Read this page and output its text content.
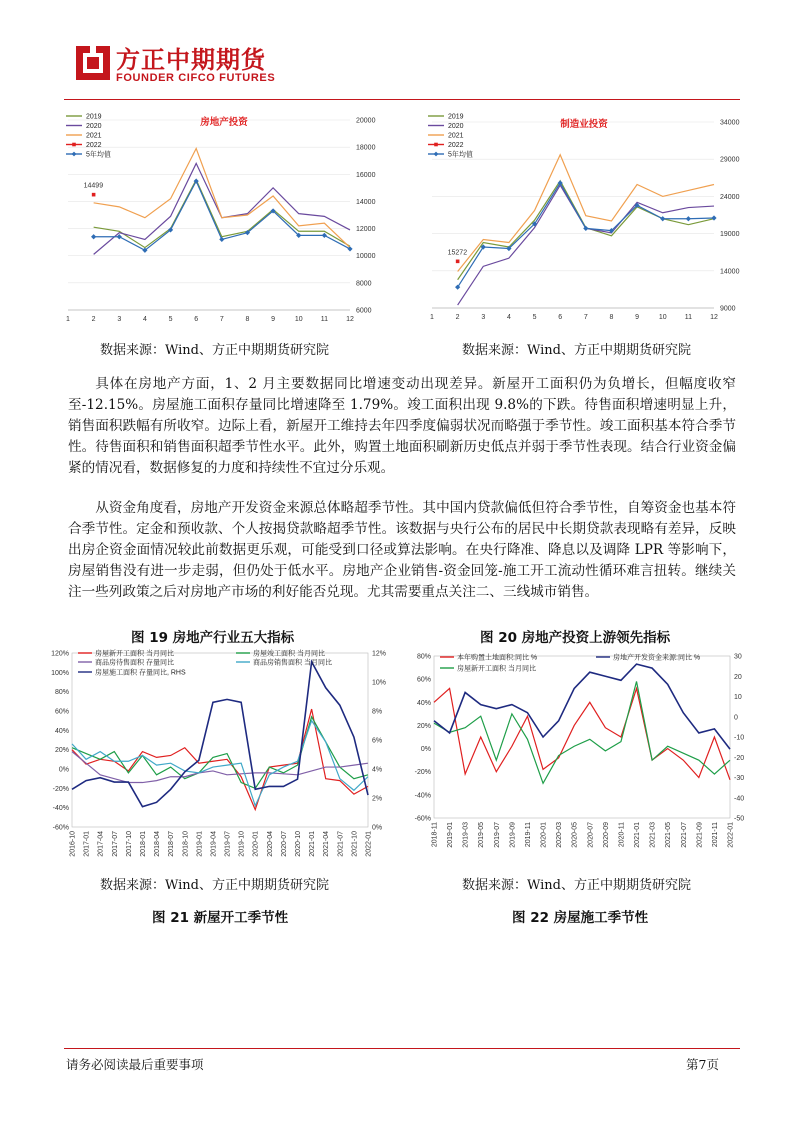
方正中期期货
FOUNDER CIFCO FUTURES
6000
8000
10000
12000
14000
16000
18000
20000
1	2	3	4	5	6	7	8	9	10	11	12
房地产投资
2019
2020
2021
2022
5年均值
14499
9000
14000
19000
24000
29000
34000
1	2	3	4	5	6	7	8	9	10	11	12
制造业投资
2019
2020
2021
2022
5年均值
15272
数据来源：Wind、方正中期期货研究院	数据来源：Wind、方正中期期货研究院

具体在房地产方面，1、2 月主要数据同比增速变动出现差异。新屋开工面积仍为负增长，但幅度收窄至-12.15%。房屋施工面积存量同比增速降至 1.79%。竣工面积出现 9.8%的下跌。待售面积增速明显上升，销售面积跌幅有所收窄。边际上看，新屋开工维持去年四季度偏弱状况而略强于季节性。竣工面积基本符合季节性。待售面积和销售面积超季节性水平。此外，购置土地面积刷新历史低点并弱于季节性表现。结合行业资金偏紧的情况看，数据修复的力度和持续性不宜过分乐观。

从资金角度看，房地产开发资金来源总体略超季节性。其中国内贷款偏低但符合季节性，自筹资金也基本符合季节性。定金和预收款、个人按揭贷款略超季节性。该数据与央行公布的居民中长期贷款表现略有差异，反映出房企资金面情况较此前数据更乐观，可能受到口径或算法影响。在央行降准、降息以及调降 LPR 等影响下，房屋销售没有进一步走弱，但仍处于低水平。房地产企业销售-资金回笼-施工开工流动性循环难言扭转。继续关注一些列政策之后对房地产市场的利好能否兑现。尤其需要重点关注二、三线城市销售。

图 19 房地产行业五大指标	图 20 房地产投资上游领先指标
120%
100%
80%
60%
40%
20%
0%
-20%
-40%
-60%
12%
10%
8%
6%
4%
2%
0%
2016-10 2017-01 2017-04 2017-07 2017-10 2018-01 2018-04 2018-07 2018-10 2019-01 2019-04 2019-07 2019-10 2020-01 2020-04 2020-07 2020-10 2021-01 2021-04 2021-07 2021-10 2022-01
房屋新开工面积 当月同比	房屋竣工面积 当月同比
商品房待售面积 存量同比	商品房销售面积 当月同比
房屋施工面积 存量同比, RHS
80%
60%
40%
20%
0%
-20%
-40%
-60%
30
20
10
0
-10
-20
-30
-40
-50
2018-11 2019-01 2019-03 2019-05 2019-07 2019-09 2019-11 2020-01 2020-03 2020-05 2020-07 2020-09 2020-11 2021-01 2021-03 2021-05 2021-07 2021-09 2021-11 2022-01
本年购置土地面积:同比 %	房地产开发资金来源:同比 %
房屋新开工面积 当月同比
数据来源：Wind、方正中期期货研究院	数据来源：Wind、方正中期期货研究院
图 21 新屋开工季节性	图 22 房屋施工季节性
请务必阅读最后重要事项	第7页
